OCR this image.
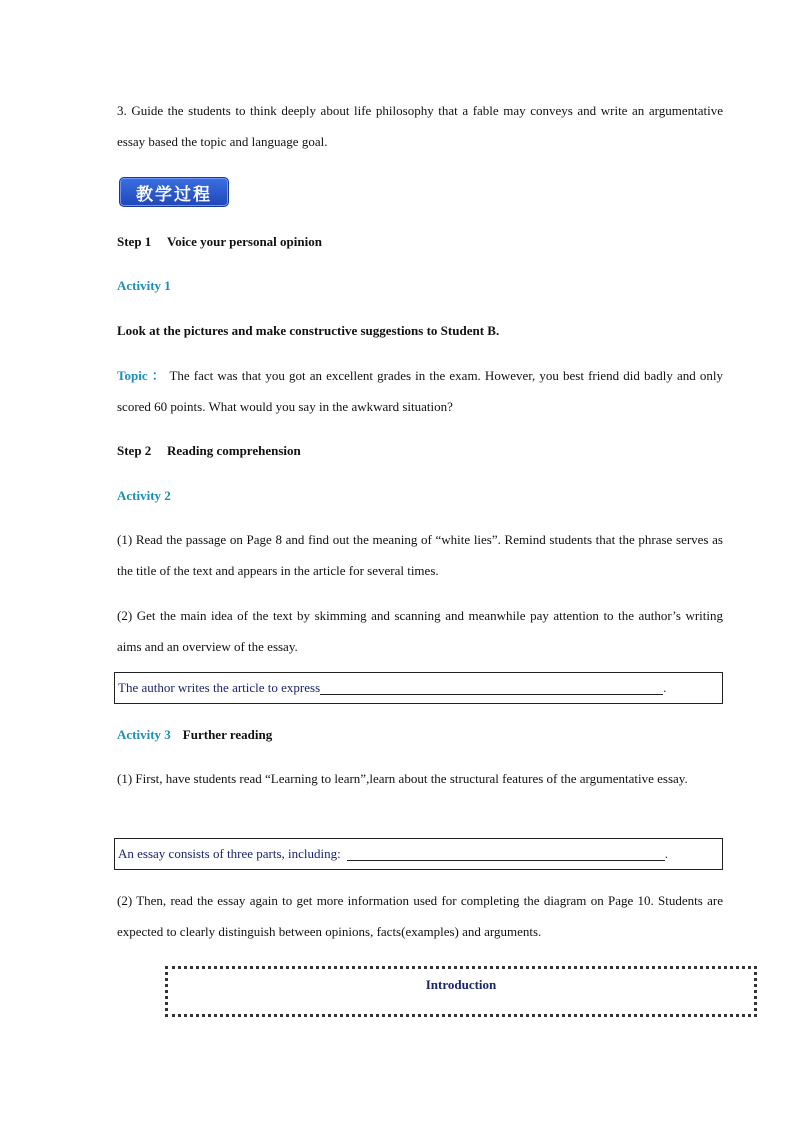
3. Guide the students to think deeply about life philosophy that a fable may conveys and write an argumentative essay based the topic and language goal.
教学过程
Step 1 Voice your personal opinion
Activity 1
Look at the pictures and make constructive suggestions to Student B.
Topic ： The fact was that you got an excellent grades in the exam. However, you best friend did badly and only scored 60 points. What would you say in the awkward situation?
Step 2 Reading comprehension
Activity 2
(1) Read the passage on Page 8 and find out the meaning of “white lies”. Remind students that the phrase serves as the title of the text and appears in the article for several times.
(2) Get the main idea of the text by skimming and scanning and meanwhile pay attention to the author’s writing aims and an overview of the essay.
The author writes the article to express	.
Activity 3 Further reading
(1) First, have students read “Learning to learn”,learn about the structural features of the argumentative essay.
An essay consists of three parts, including:	.
(2) Then, read the essay again to get more information used for completing the diagram on Page 10. Students are expected to clearly distinguish between opinions, facts(examples) and arguments.
Introduction
